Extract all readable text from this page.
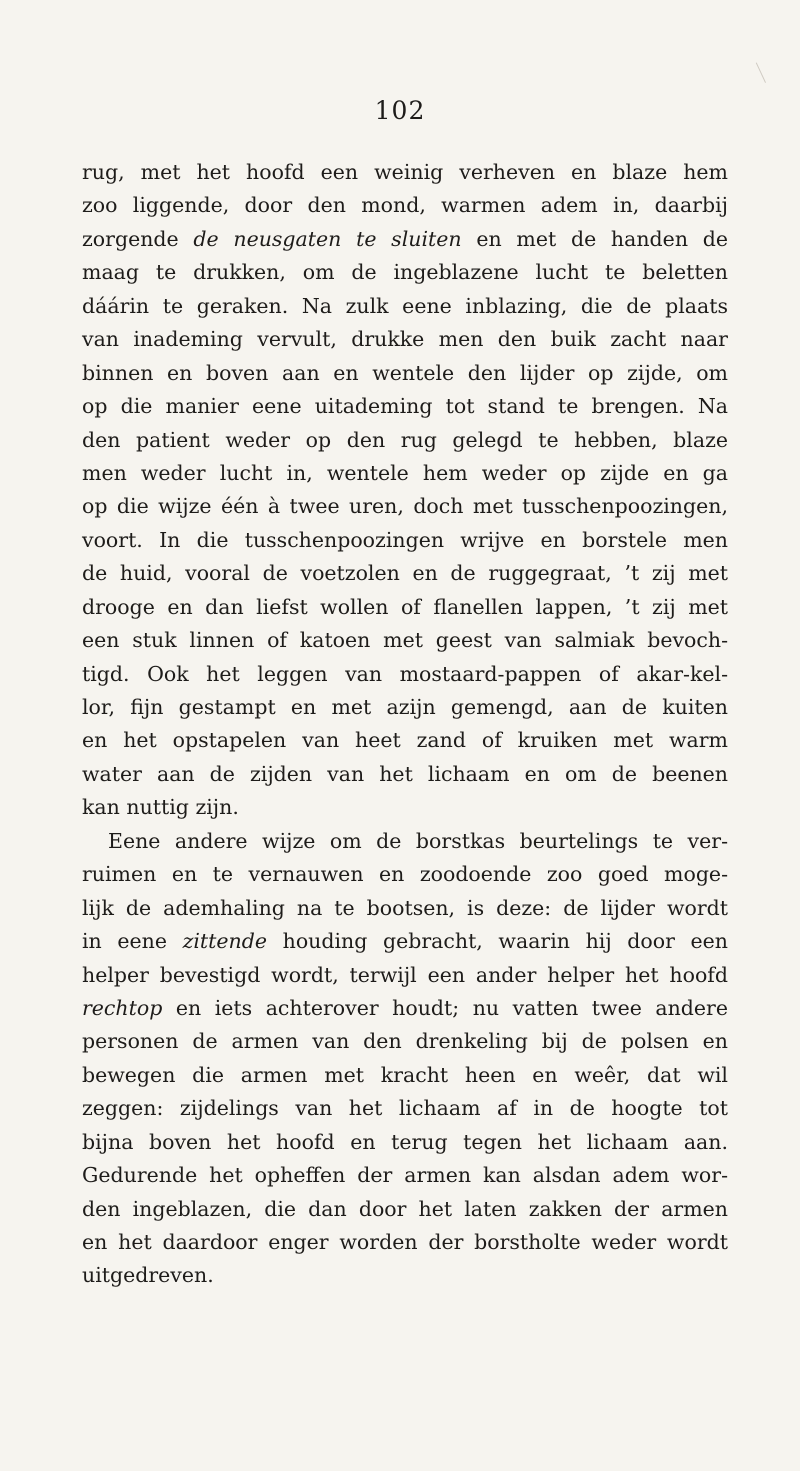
102
rug, met het hoofd een weinig verheven en blaze hem
zoo liggende, door den mond, warmen adem in, daarbij
zorgende de neusgaten te sluiten en met de handen de
maag te drukken, om de ingeblazene lucht te beletten
dáárin te geraken. Na zulk eene inblazing, die de plaats
van inademing vervult, drukke men den buik zacht naar
binnen en boven aan en wentele den lijder op zijde, om
op die manier eene uitademing tot stand te brengen. Na
den patient weder op den rug gelegd te hebben, blaze
men weder lucht in, wentele hem weder op zijde en ga
op die wijze één à twee uren, doch met tusschenpoozingen,
voort. In die tusschenpoozingen wrijve en borstele men
de huid, vooral de voetzolen en de ruggegraat, ’t zij met
drooge en dan liefst wollen of flanellen lappen, ’t zij met
een stuk linnen of katoen met geest van salmiak bevoch-
tigd. Ook het leggen van mostaard-pappen of akar-kel-
lor, fijn gestampt en met azijn gemengd, aan de kuiten
en het opstapelen van heet zand of kruiken met warm
water aan de zijden van het lichaam en om de beenen
kan nuttig zijn.
Eene andere wijze om de borstkas beurtelings te ver-
ruimen en te vernauwen en zoodoende zoo goed moge-
lijk de ademhaling na te bootsen, is deze: de lijder wordt
in eene zittende houding gebracht, waarin hij door een
helper bevestigd wordt, terwijl een ander helper het hoofd
rechtop en iets achterover houdt; nu vatten twee andere
personen de armen van den drenkeling bij de polsen en
bewegen die armen met kracht heen en weêr, dat wil
zeggen: zijdelings van het lichaam af in de hoogte tot
bijna boven het hoofd en terug tegen het lichaam aan.
Gedurende het opheffen der armen kan alsdan adem wor-
den ingeblazen, die dan door het laten zakken der armen
en het daardoor enger worden der borstholte weder wordt
uitgedreven.
